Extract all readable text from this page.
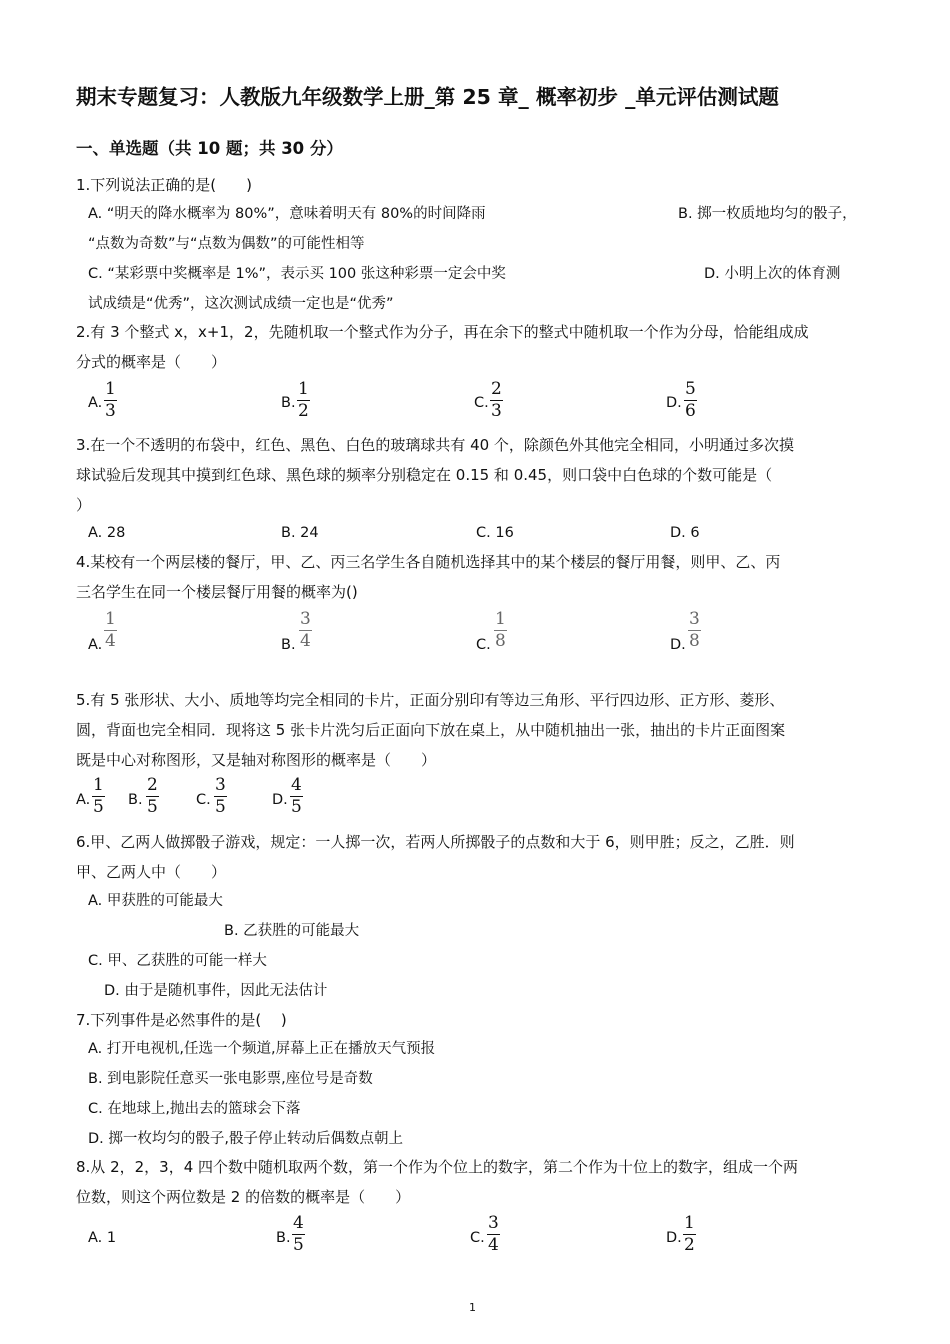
期末专题复习：人教版九年级数学上册_第 25 章_ 概率初步 _单元评估测试题
一、单选题（共 10 题；共 30 分）
1.下列说法正确的是(　　)
A. “明天的降水概率为 80%”，意味着明天有 80%的时间降雨	B. 掷一枚质地均匀的骰子，
“点数为奇数”与“点数为偶数”的可能性相等
C. “某彩票中奖概率是 1%”，表示买 100 张这种彩票一定会中奖	D. 小明上次的体育测
试成绩是“优秀”，这次测试成绩一定也是“优秀”
2.有 3 个整式 x，x+1，2，先随机取一个整式作为分子，再在余下的整式中随机取一个作为分母，恰能组成成
分式的概率是（　　）
A.
1
3	B.
1
2	C.
2
3	D.
5
6
3.在一个不透明的布袋中，红色、黑色、白色的玻璃球共有 40 个，除颜色外其他完全相同，小明通过多次摸
球试验后发现其中摸到红色球、黑色球的频率分别稳定在 0.15 和 0.45，则口袋中白色球的个数可能是（
）
A. 28	B. 24	C. 16	D. 6
4.某校有一个两层楼的餐厅，甲、乙、丙三名学生各自随机选择其中的某个楼层的餐厅用餐，则甲、乙、丙
三名学生在同一个楼层餐厅用餐的概率为()
A.
1
4	B.
3
4	C.
1
8	D.
3
8
5.有 5 张形状、大小、质地等均完全相同的卡片，正面分别印有等边三角形、平行四边形、正方形、菱形、
圆，背面也完全相同．现将这 5 张卡片洗匀后正面向下放在桌上，从中随机抽出一张，抽出的卡片正面图案
既是中心对称图形，又是轴对称图形的概率是（　　）
A.
1
5 B.
2
5	C.
3
5	D.
4
5
6.甲、乙两人做掷骰子游戏，规定：一人掷一次，若两人所掷骰子的点数和大于 6，则甲胜；反之，乙胜．则
甲、乙两人中（　　）
A. 甲获胜的可能最大
B. 乙获胜的可能最大
C. 甲、乙获胜的可能一样大
D. 由于是随机事件，因此无法估计
7.下列事件是必然事件的是(　 )
A. 打开电视机,任选一个频道,屏幕上正在播放天气预报
B. 到电影院任意买一张电影票,座位号是奇数
C. 在地球上,抛出去的篮球会下落
D. 掷一枚均匀的骰子,骰子停止转动后偶数点朝上
8.从 2，2，3，4 四个数中随机取两个数，第一个作为个位上的数字，第二个作为十位上的数字，组成一个两
位数，则这个两位数是 2 的倍数的概率是（　　）
A. 1	B.
4
5	C.
3
4	D.
1
2
1
